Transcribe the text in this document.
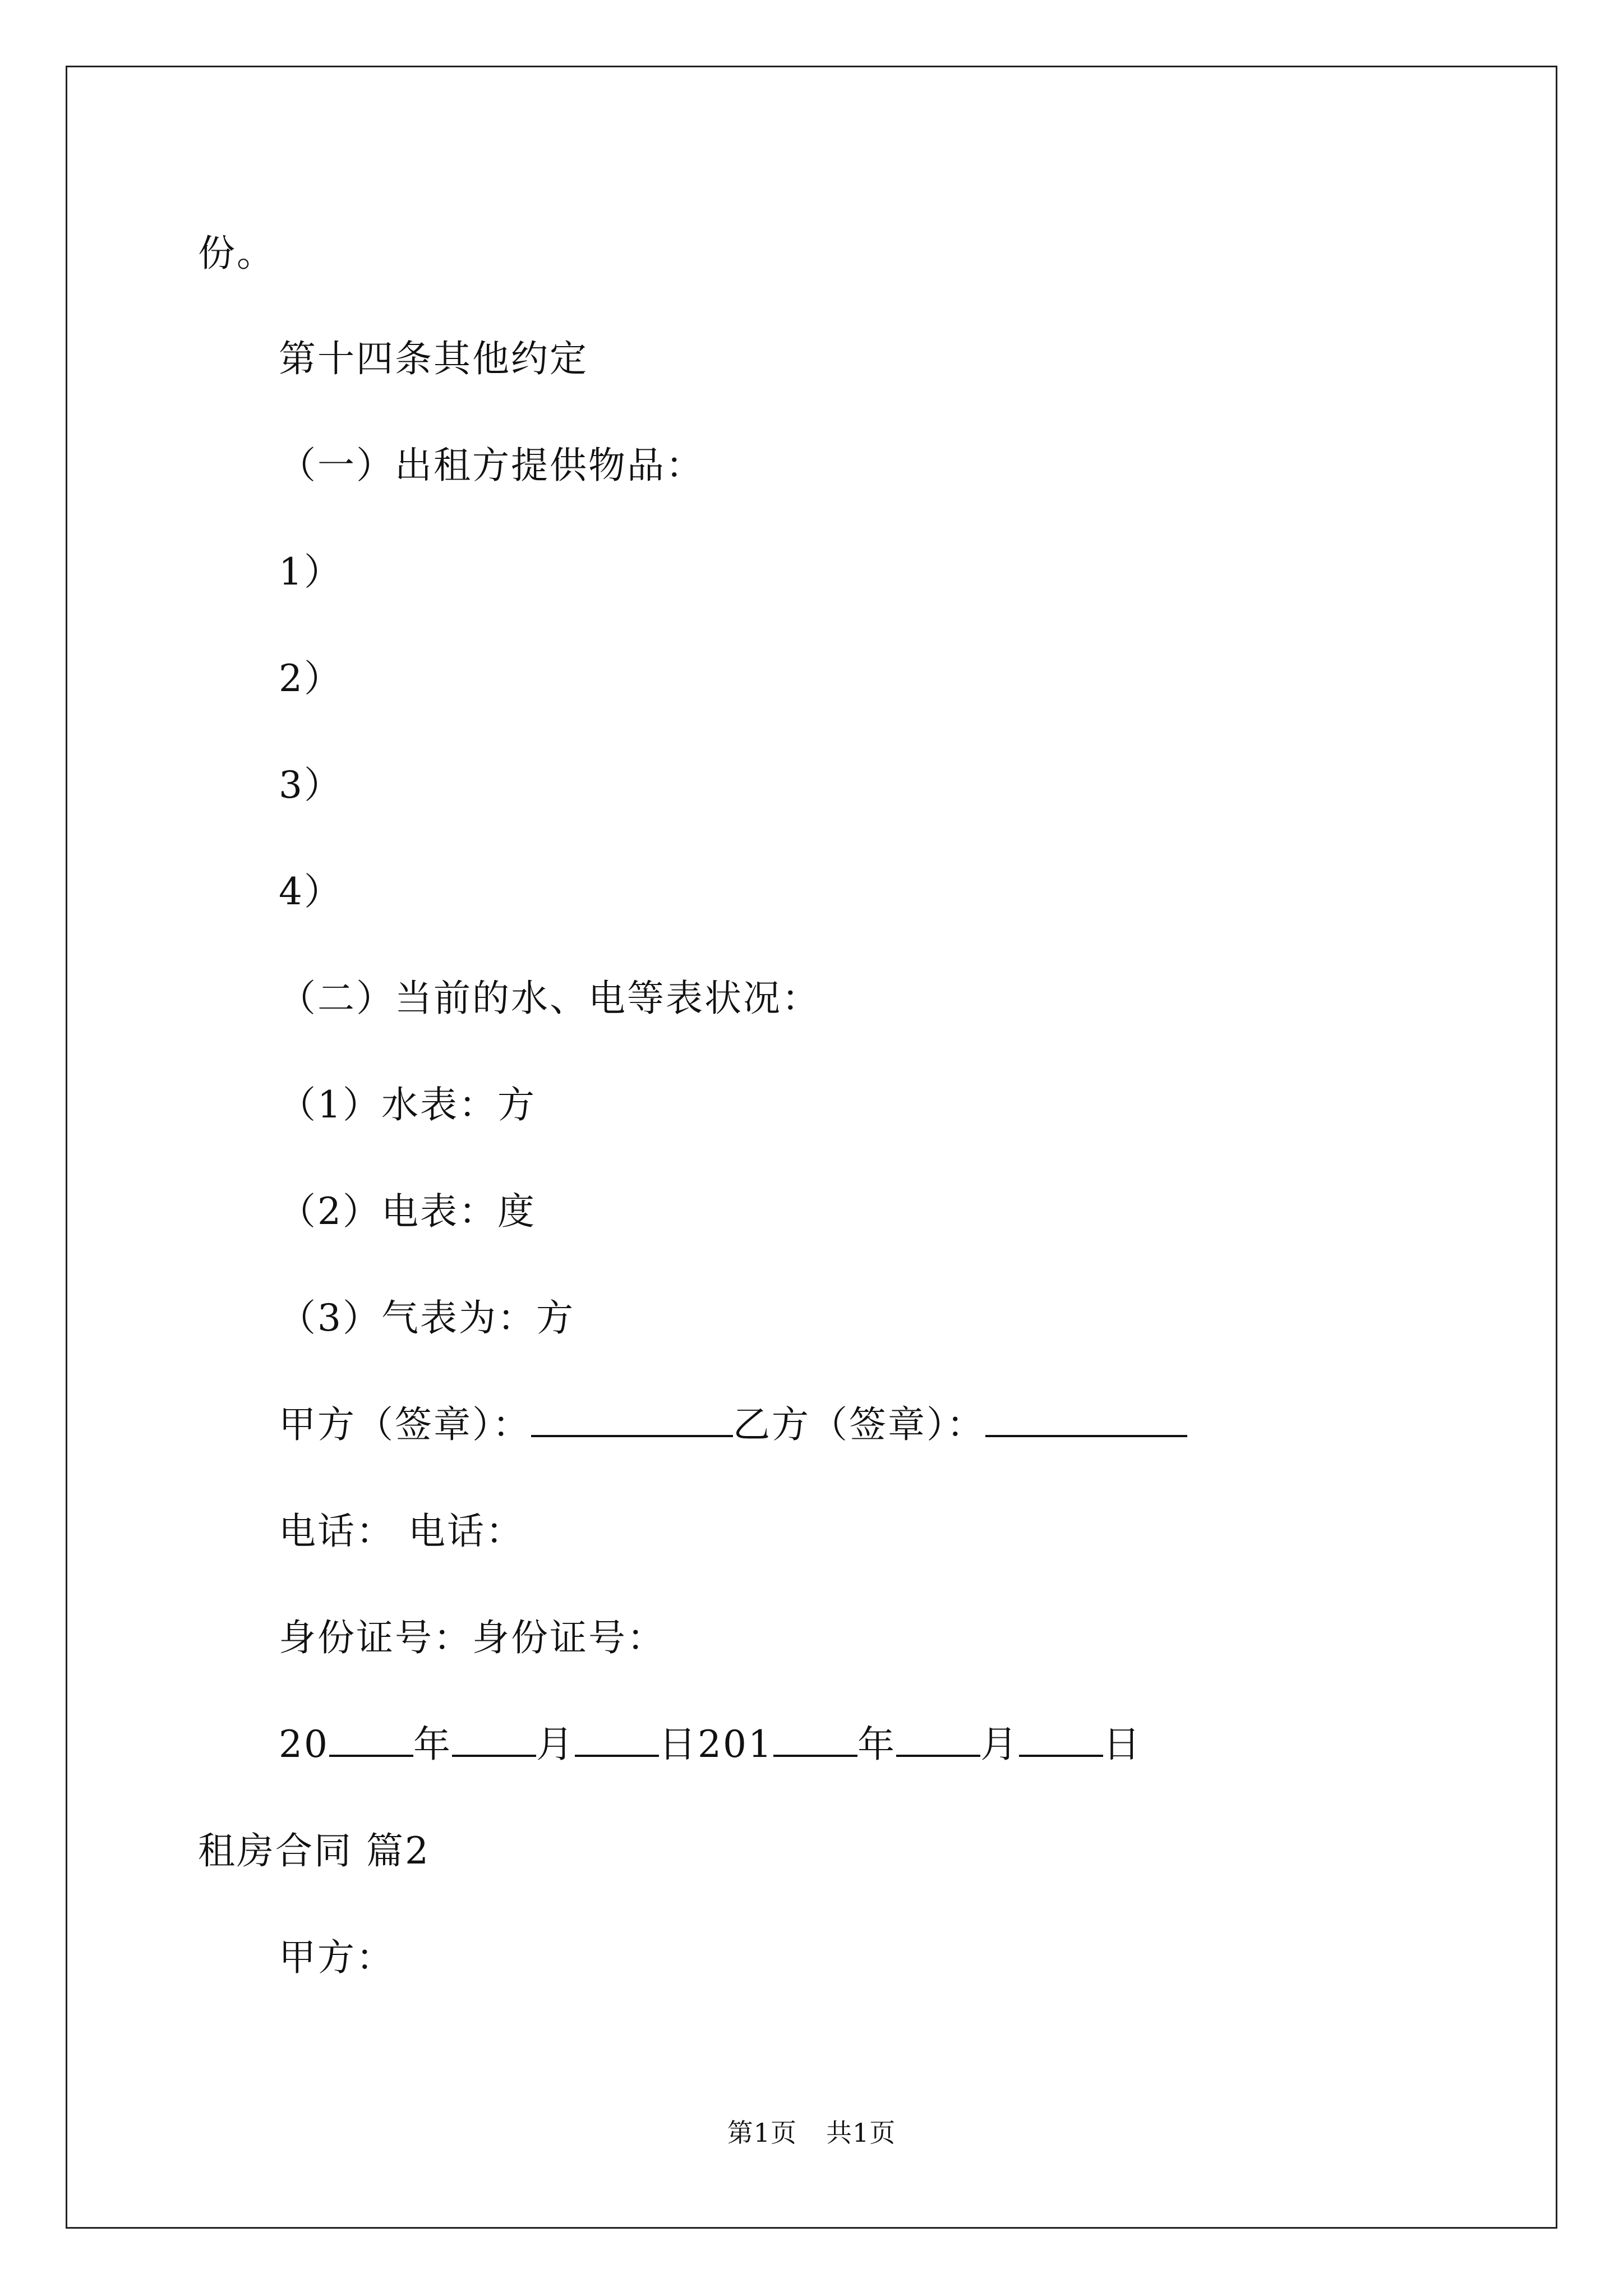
份。
第十四条其他约定
（一）出租方提供物品：
1）
2）
3）
4）
（二）当前的水、电等表状况：
（1）水表：方
（2）电表：度
（3）气表为：方
甲方（签章）：	乙方（签章）：
电话： 电话：
身份证号：身份证号：
20 年 月 日201 年 月 日
租房合同 篇2
甲方：
第1页 共1页
